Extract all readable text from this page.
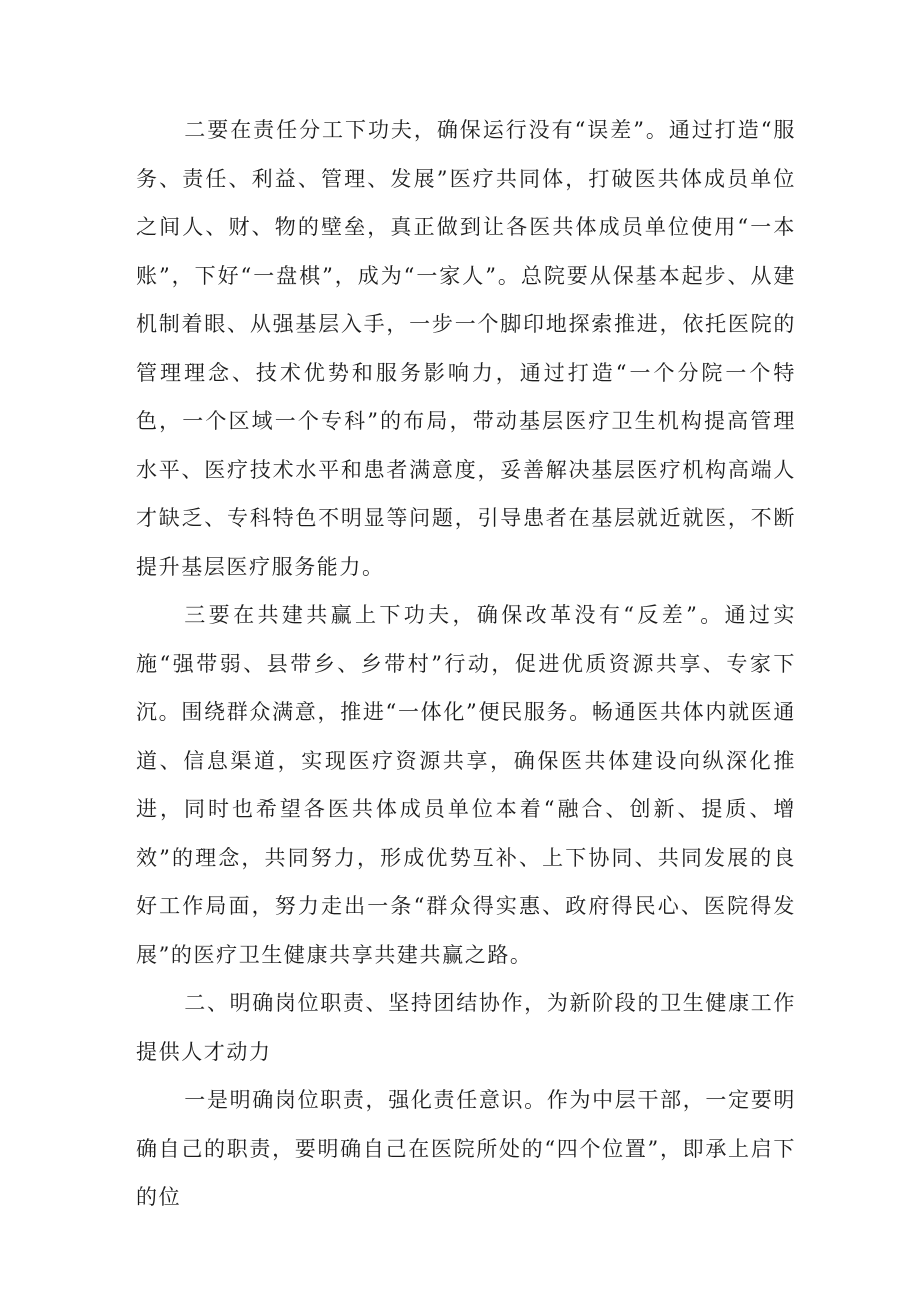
二要在责任分工下功夫，确保运行没有“误差”。通过打造“服务、责任、利益、管理、发展”医疗共同体，打破医共体成员单位之间人、财、物的壁垒，真正做到让各医共体成员单位使用“一本账”，下好“一盘棋”，成为“一家人”。总院要从保基本起步、从建机制着眼、从强基层入手，一步一个脚印地探索推进，依托医院的管理理念、技术优势和服务影响力，通过打造“一个分院一个特色，一个区域一个专科”的布局，带动基层医疗卫生机构提高管理水平、医疗技术水平和患者满意度，妥善解决基层医疗机构高端人才缺乏、专科特色不明显等问题，引导患者在基层就近就医，不断提升基层医疗服务能力。

三要在共建共赢上下功夫，确保改革没有“反差”。通过实施“强带弱、县带乡、乡带村”行动，促进优质资源共享、专家下沉。围绕群众满意，推进“一体化”便民服务。畅通医共体内就医通道、信息渠道，实现医疗资源共享，确保医共体建设向纵深化推进，同时也希望各医共体成员单位本着“融合、创新、提质、增效”的理念，共同努力，形成优势互补、上下协同、共同发展的良好工作局面，努力走出一条“群众得实惠、政府得民心、医院得发展”的医疗卫生健康共享共建共赢之路。

二、明确岗位职责、坚持团结协作，为新阶段的卫生健康工作提供人才动力

一是明确岗位职责，强化责任意识。作为中层干部，一定要明确自己的职责，要明确自己在医院所处的“四个位置”，即承上启下的位
